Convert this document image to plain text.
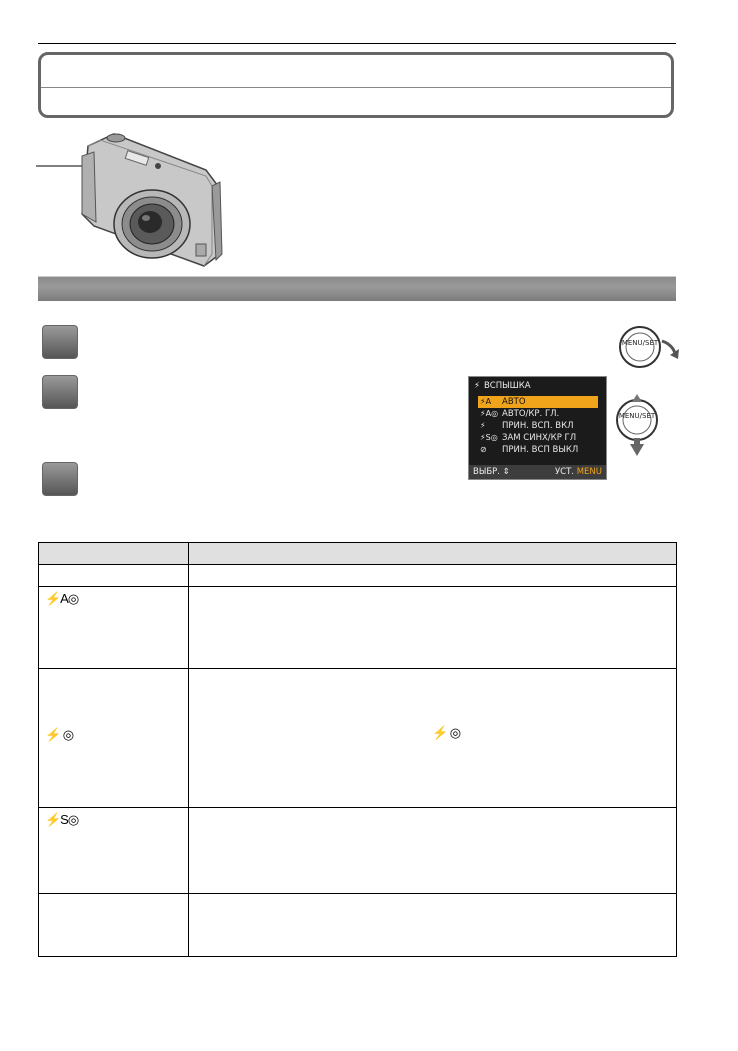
MENU/SET
MENU/SET
⚡ ВСПЫШКА
⚡A	АВТО
⚡A◎ АВТО/КР. ГЛ.
⚡	ПРИН. ВСП. ВКЛ
⚡S◎ ЗАМ СИНХ/КР ГЛ
⊘	ПРИН. ВСП ВЫКЛ
ВЫБР. ⇕	УСТ. MENU

⚡A◎	

⚡ ◎	

⚡S◎	

⚡ ◎
